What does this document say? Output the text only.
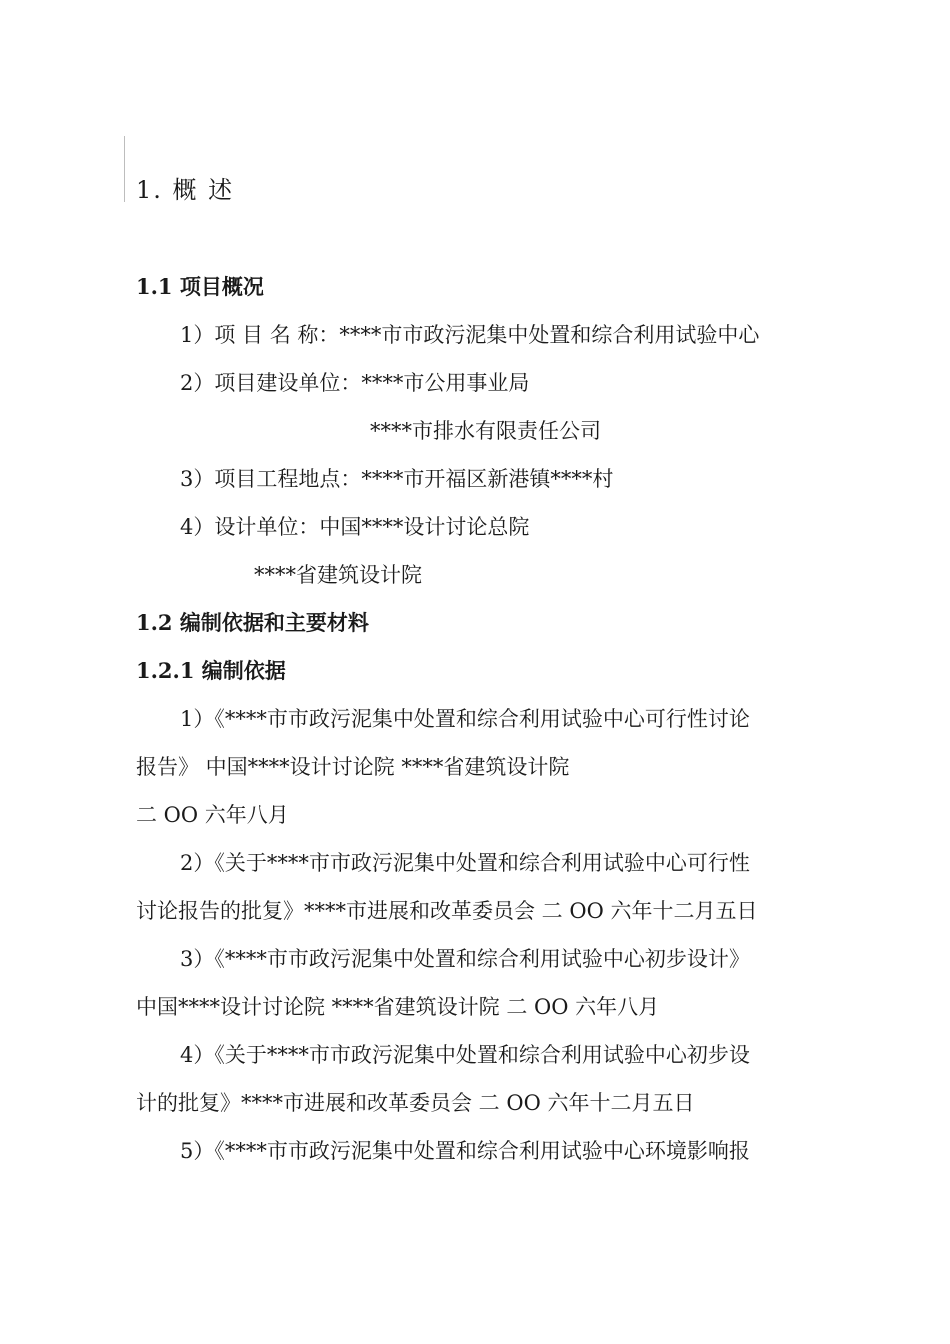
1. 概 述
1.1 项目概况
1）项 目 名 称：****市市政污泥集中处置和综合利用试验中心
2）项目建设单位：****市公用事业局
****市排水有限责任公司
3）项目工程地点：****市开福区新港镇****村
4）设计单位：中国****设计讨论总院
****省建筑设计院
1.2 编制依据和主要材料
1.2.1 编制依据
1）《****市市政污泥集中处置和综合利用试验中心可行性讨论
报告》 中国****设计讨论院 ****省建筑设计院
二 OO 六年八月
2）《关于****市市政污泥集中处置和综合利用试验中心可行性
讨论报告的批复》****市进展和改革委员会 二 OO 六年十二月五日
3）《****市市政污泥集中处置和综合利用试验中心初步设计》
中国****设计讨论院 ****省建筑设计院 二 OO 六年八月
4）《关于****市市政污泥集中处置和综合利用试验中心初步设
计的批复》****市进展和改革委员会 二 OO 六年十二月五日
5）《****市市政污泥集中处置和综合利用试验中心环境影响报
